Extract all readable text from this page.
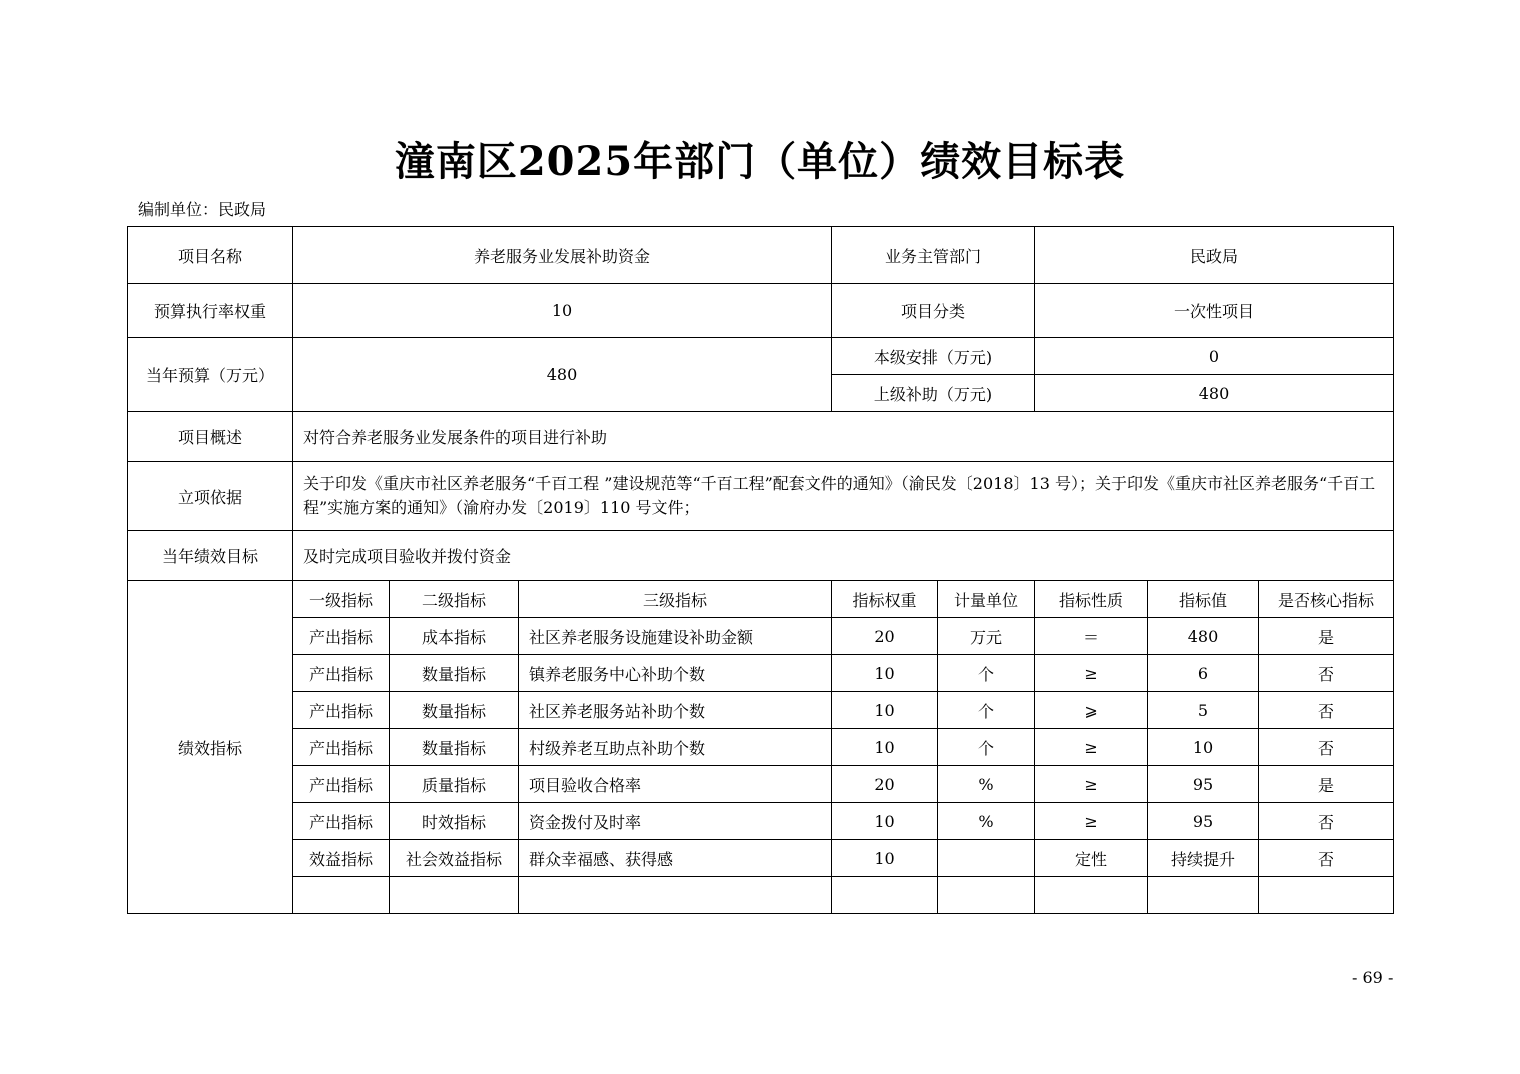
潼南区2025年部门（单位）绩效目标表
编制单位：民政局
项目名称	养老服务业发展补助资金			业务主管部门		民政局		
预算执行率权重	10			项目分类		一次性项目		
当年预算（万元）	480			本级安排（万元)		0		
				上级补助（万元)		480		
项目概述	对符合养老服务业发展条件的项目进行补助							
立项依据	关于印发《重庆市社区养老服务“千百工程 ”建设规范等“千百工程”配套文件的通知》（渝民发〔2018〕13 号）；关于印发《重庆市社区养老服务“千百工程”实施方案的通知》（渝府办发〔2019〕110 号文件；							
当年绩效目标	及时完成项目验收并拨付资金							
绩效指标	一级指标	二级指标	三级指标	指标权重	计量单位	指标性质	指标值	是否核心指标
	产出指标	成本指标	社区养老服务设施建设补助金额	20	万元	＝	480	是
	产出指标	数量指标	镇养老服务中心补助个数	10	个	≥	6	否
	产出指标	数量指标	社区养老服务站补助个数	10	个	⩾	5	否
	产出指标	数量指标	村级养老互助点补助个数	10	个	≥	10	否
	产出指标	质量指标	项目验收合格率	20	%	≥	95	是
	产出指标	时效指标	资金拨付及时率	10	%	≥	95	否
	效益指标	社会效益指标	群众幸福感、获得感	10		定性	持续提升	否

- 69 -
